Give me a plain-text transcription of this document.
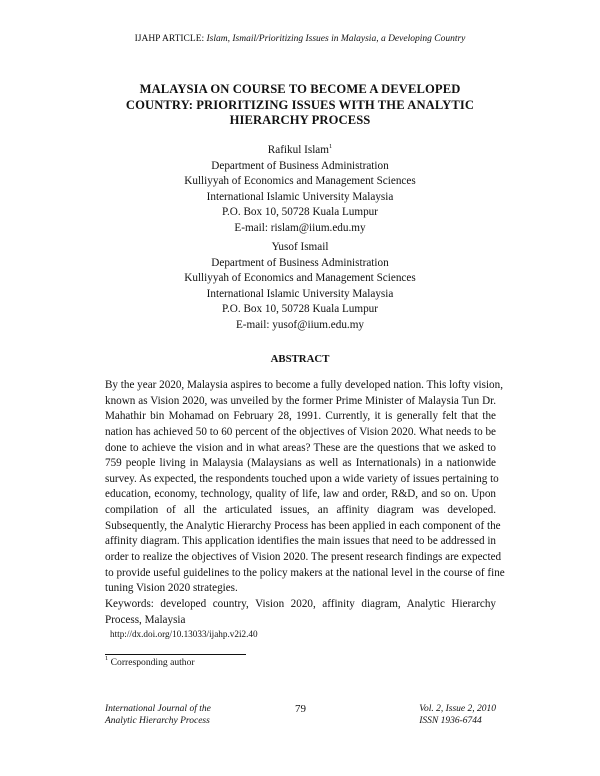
IJAHP ARTICLE: Islam, Ismail/Prioritizing Issues in Malaysia, a Developing Country
MALAYSIA ON COURSE TO BECOME A DEVELOPED
COUNTRY: PRIORITIZING ISSUES WITH THE ANALYTIC
HIERARCHY PROCESS
Rafikul Islam$^1$
Department of Business Administration
Kulliyyah of Economics and Management Sciences
International Islamic University Malaysia
P.O. Box 10, 50728 Kuala Lumpur
E-mail: rislam@iium.edu.my
Yusof Ismail
Department of Business Administration
Kulliyyah of Economics and Management Sciences
International Islamic University Malaysia
P.O. Box 10, 50728 Kuala Lumpur
E-mail: yusof@iium.edu.my
ABSTRACT
By the year 2020, Malaysia aspires to become a fully developed nation. This lofty vision,
known as Vision 2020, was unveiled by the former Prime Minister of Malaysia Tun Dr.
Mahathir bin Mohamad on February 28, 1991. Currently, it is generally felt that the
nation has achieved 50 to 60 percent of the objectives of Vision 2020. What needs to be
done to achieve the vision and in what areas? These are the questions that we asked to
759 people living in Malaysia (Malaysians as well as Internationals) in a nationwide
survey. As expected, the respondents touched upon a wide variety of issues pertaining to
education, economy, technology, quality of life, law and order, R&D, and so on. Upon
compilation of all the articulated issues, an affinity diagram was developed.
Subsequently, the Analytic Hierarchy Process has been applied in each component of the
affinity diagram. This application identifies the main issues that need to be addressed in
order to realize the objectives of Vision 2020. The present research findings are expected
to provide useful guidelines to the policy makers at the national level in the course of fine
tuning Vision 2020 strategies.
Keywords: developed country, Vision 2020, affinity diagram, Analytic Hierarchy
Process, Malaysia
http://dx.doi.org/10.13033/ijahp.v2i2.40
$^1$ Corresponding author
International Journal of the
Analytic Hierarchy Process
79	Vol. 2, Issue 2, 2010
ISSN 1936-6744
